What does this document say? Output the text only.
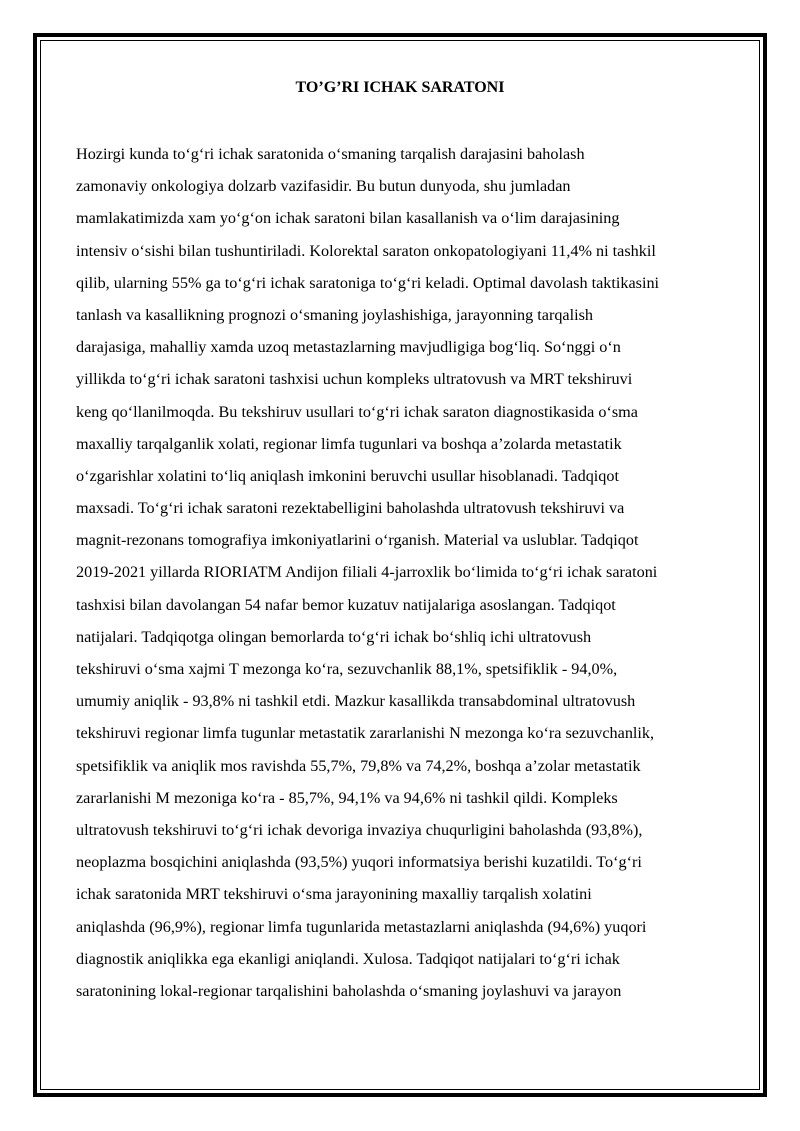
TO’G’RI ICHAK SARATONI
Hozirgi kunda to‘g‘ri ichak saratonida o‘smaning tarqalish darajasini baholash
zamonaviy onkologiya dolzarb vazifasidir. Bu butun dunyoda, shu jumladan
mamlakatimizda xam yo‘g‘on ichak saratoni bilan kasallanish va o‘lim darajasining
intensiv o‘sishi bilan tushuntiriladi. Kolorektal saraton onkopatologiyani 11,4% ni tashkil
qilib, ularning 55% ga to‘g‘ri ichak saratoniga to‘g‘ri keladi. Optimal davolash taktikasini
tanlash va kasallikning prognozi o‘smaning joylashishiga, jarayonning tarqalish
darajasiga, mahalliy xamda uzoq metastazlarning mavjudligiga bog‘liq. So‘nggi o‘n
yillikda to‘g‘ri ichak saratoni tashxisi uchun kompleks ultratovush va MRT tekshiruvi
keng qo‘llanilmoqda. Bu tekshiruv usullari to‘g‘ri ichak saraton diagnostikasida o‘sma
maxalliy tarqalganlik xolati, regionar limfa tugunlari va boshqa a’zolarda metastatik
o‘zgarishlar xolatini to‘liq aniqlash imkonini beruvchi usullar hisoblanadi. Tadqiqot
maxsadi. To‘g‘ri ichak saratoni rezektabelligini baholashda ultratovush tekshiruvi va
magnit-rezonans tomografiya imkoniyatlarini o‘rganish. Material va uslublar. Tadqiqot
2019-2021 yillarda RIORIATM Andijon filiali 4-jarroxlik bo‘limida to‘g‘ri ichak saratoni
tashxisi bilan davolangan 54 nafar bemor kuzatuv natijalariga asoslangan. Tadqiqot
natijalari. Tadqiqotga olingan bemorlarda to‘g‘ri ichak bo‘shliq ichi ultratovush
tekshiruvi o‘sma xajmi T mezonga ko‘ra, sezuvchanlik 88,1%, spetsifiklik - 94,0%,
umumiy aniqlik - 93,8% ni tashkil etdi. Mazkur kasallikda transabdominal ultratovush
tekshiruvi regionar limfa tugunlar metastatik zararlanishi N mezonga ko‘ra sezuvchanlik,
spetsifiklik va aniqlik mos ravishda 55,7%, 79,8% va 74,2%, boshqa a’zolar metastatik
zararlanishi M mezoniga ko‘ra - 85,7%, 94,1% va 94,6% ni tashkil qildi. Kompleks
ultratovush tekshiruvi to‘g‘ri ichak devoriga invaziya chuqurligini baholashda (93,8%),
neoplazma bosqichini aniqlashda (93,5%) yuqori informatsiya berishi kuzatildi. To‘g‘ri
ichak saratonida MRT tekshiruvi o‘sma jarayonining maxalliy tarqalish xolatini
aniqlashda (96,9%), regionar limfa tugunlarida metastazlarni aniqlashda (94,6%) yuqori
diagnostik aniqlikka ega ekanligi aniqlandi. Xulosa. Tadqiqot natijalari to‘g‘ri ichak
saratonining lokal-regionar tarqalishini baholashda o‘smaning joylashuvi va jarayon
